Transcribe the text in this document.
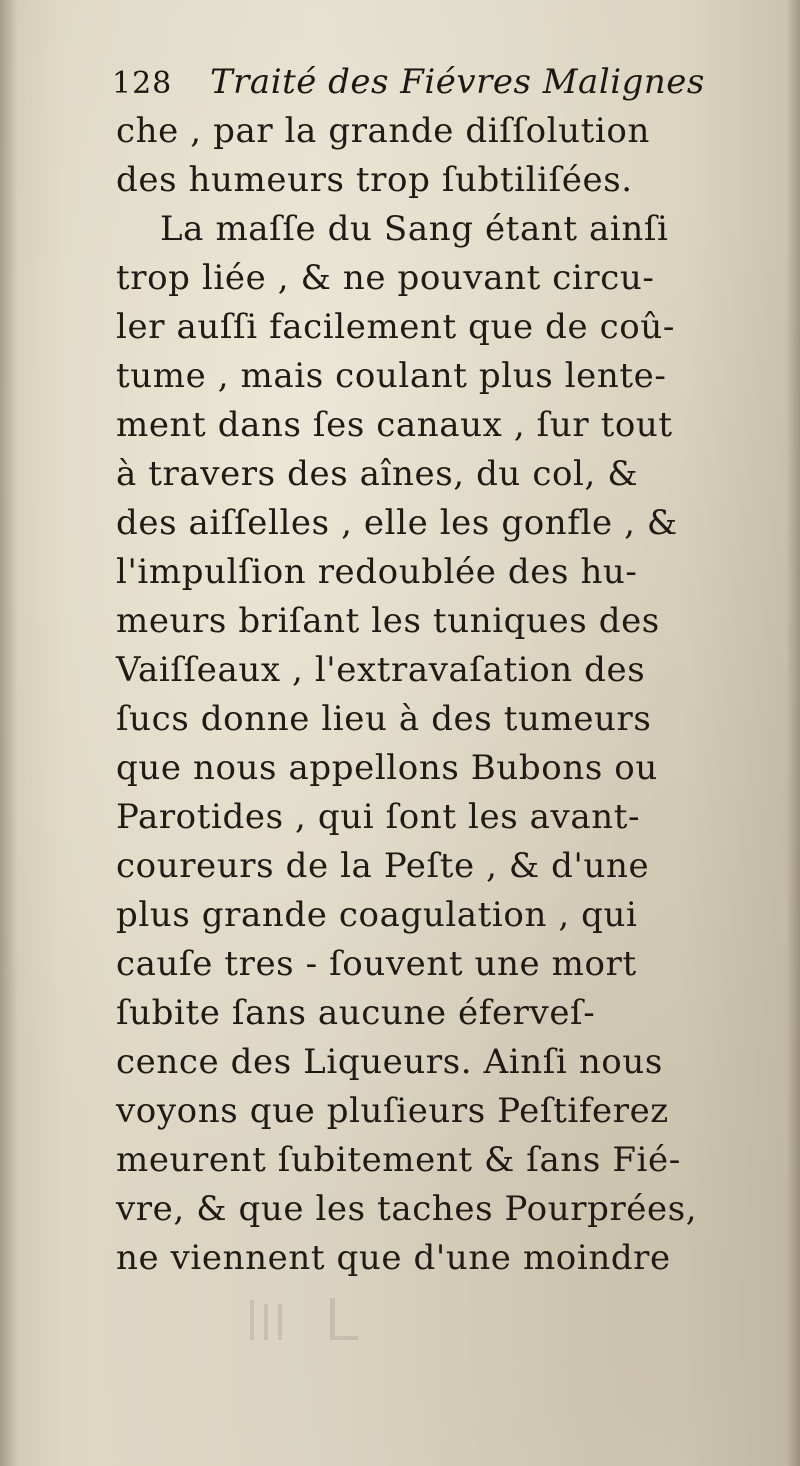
128 Traité des Fiévres Malignes
che , par la grande diſſolution
des humeurs trop ſubtiliſées.
La maſſe du Sang étant ainſi
trop liée , & ne pouvant circu-
ler auſſi facilement que de coû-
tume , mais coulant plus lente-
ment dans ſes canaux , ſur tout
à travers des aînes, du col, &
des aiſſelles , elle les gonfle , &
l'impulſion redoublée des hu-
meurs briſant les tuniques des
Vaiſſeaux , l'extravaſation des
ſucs donne lieu à des tumeurs
que nous appellons Bubons ou
Parotides , qui ſont les avant-
coureurs de la Peſte , & d'une
plus grande coagulation , qui
cauſe tres - ſouvent une mort
ſubite ſans aucune éferveſ-
cence des Liqueurs. Ainſi nous
voyons que pluſieurs Peſtiferez
meurent ſubitement & ſans Fié-
vre, & que les taches Pourprées,
ne viennent que d'une moindre
